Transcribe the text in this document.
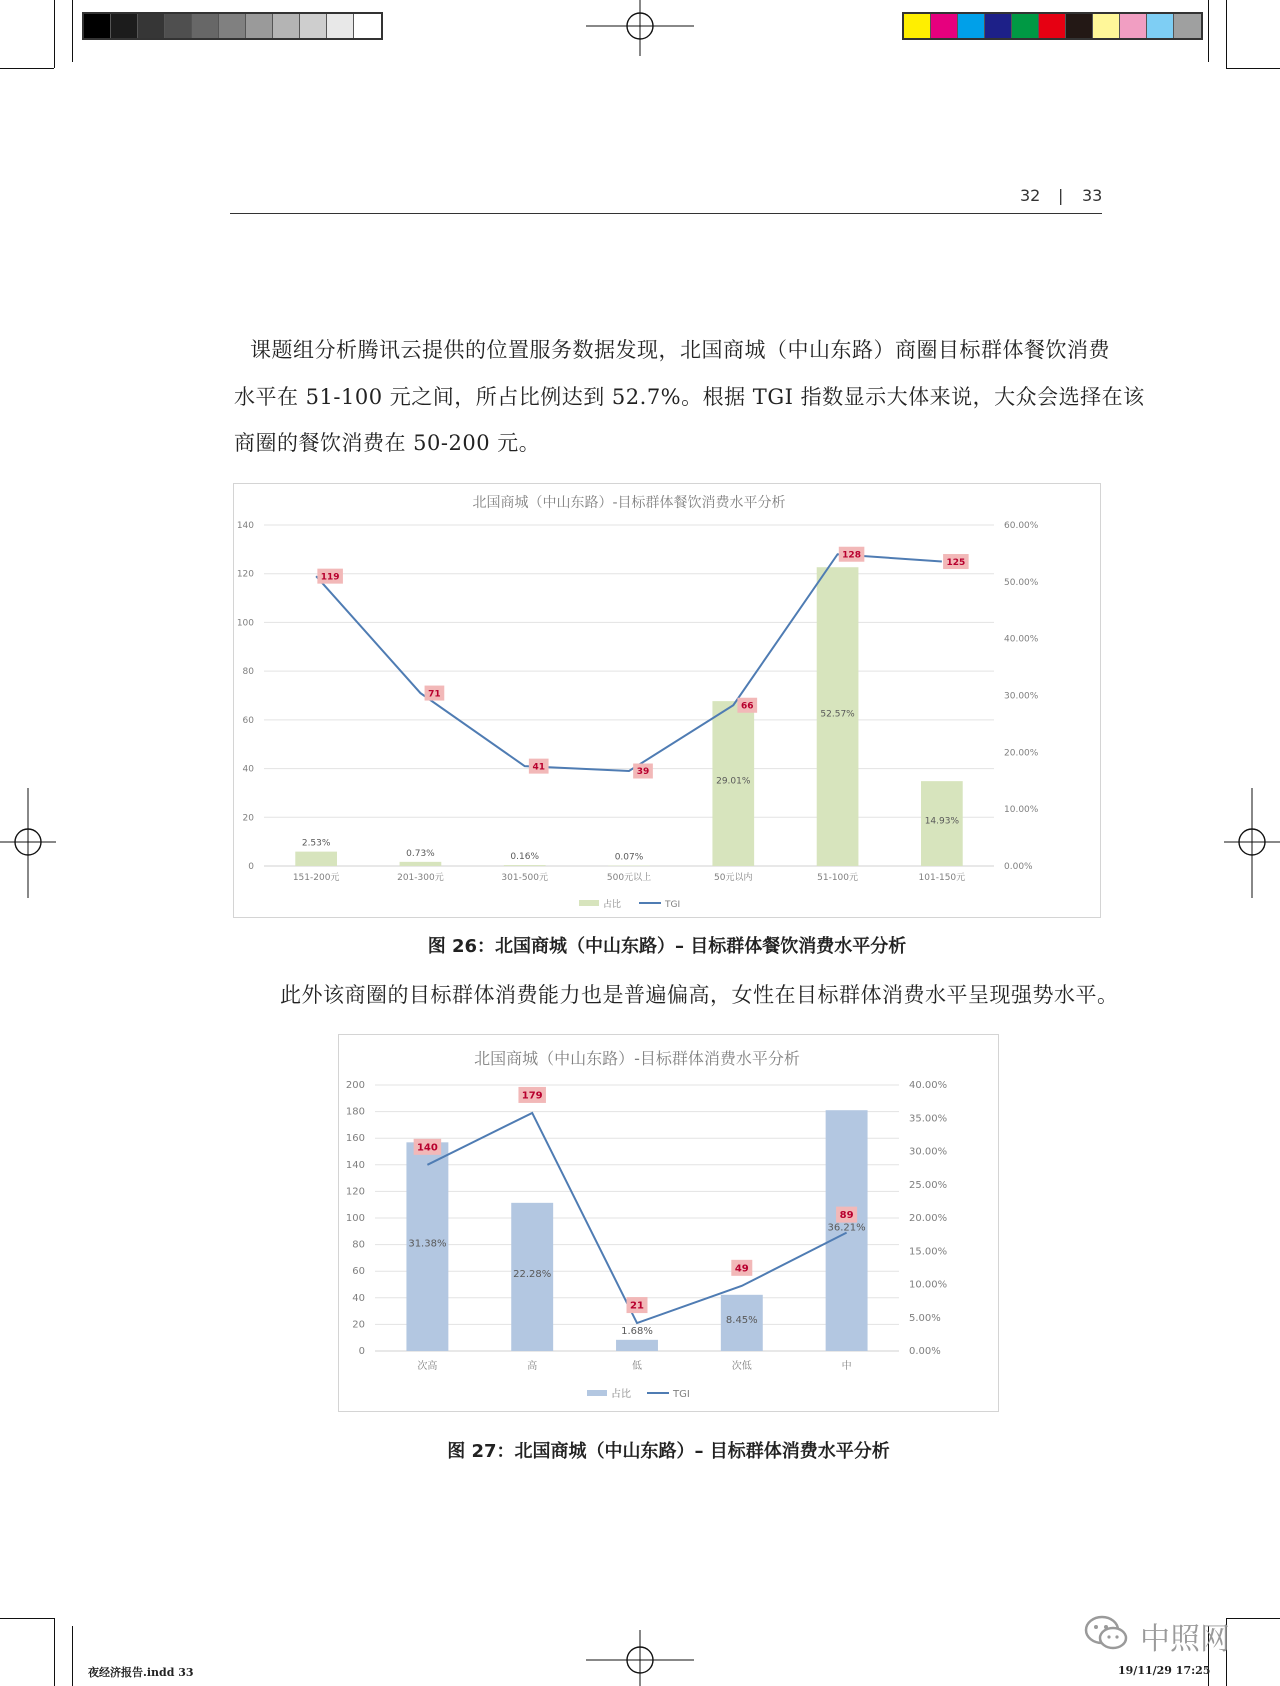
32 | 33
课题组分析腾讯云提供的位置服务数据发现，北国商城（中山东路）商圈目标群体餐饮消费
水平在 51-100 元之间，所占比例达到 52.7%。根据 TGI 指数显示大体来说，大众会选择在该
商圈的餐饮消费在 50-200 元。
北国商城（中山东路）-目标群体餐饮消费水平分析
0
20
40
60
80
100
120
140
0.00%
10.00%
20.00%
30.00%
40.00%
50.00%
60.00%
2.53%
151-200元
0.73%
201-300元
0.16%
301-500元
0.07%
500元以上
29.01%
50元以内
52.57%
51-100元
14.93%
101-150元
119
71
41	39
66
128
125
占比	TGI
图 26：北国商城（中山东路）– 目标群体餐饮消费水平分析
此外该商圈的目标群体消费能力也是普遍偏高，女性在目标群体消费水平呈现强势水平。
北国商城（中山东路）-目标群体消费水平分析
0
20
40
60
80
100
120
140
160
180
200
0.00%
5.00%
10.00%
15.00%
20.00%
25.00%
30.00%
35.00%
40.00%
31.38%
次高
22.28%
高
1.68%
低
8.45%
次低
36.21%
中
140
179
21
49
89
占比	TGI
图 27：北国商城（中山东路）– 目标群体消费水平分析
夜经济报告.indd 33	19/11/29 17:25
中照网
